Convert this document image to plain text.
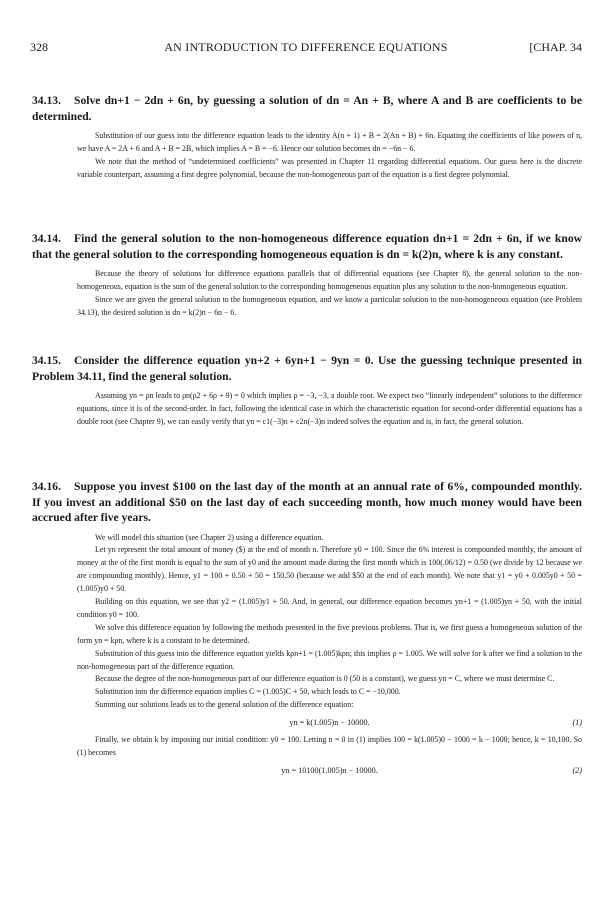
328	AN INTRODUCTION TO DIFFERENCE EQUATIONS	[CHAP. 34

34.13. Solve dn+1 − 2dn + 6n, by guessing a solution of dn = An + B, where A and B are coefficients to be determined.

Substitution of our guess into the difference equation leads to the identity A(n + 1) + B = 2(An + B) + 6n. Equating the coefficients of like powers of n, we have A = 2A + 6 and A + B = 2B, which implies A = B = −6. Hence our solution becomes dn = −6n − 6.

We note that the method of “undetermined coefficients” was presented in Chapter 11 regarding differential equations. Our guess here is the discrete variable counterpart, assuming a first degree polynomial, because the non-homogeneous part of the equation is a first degree polynomial.

34.14. Find the general solution to the non-homogeneous difference equation dn+1 = 2dn + 6n, if we know that the general solution to the corresponding homogeneous equation is dn = k(2)n, where k is any constant.

Because the theory of solutions for difference equations parallels that of differential equations (see Chapter 8), the general solution to the non-homogeneous, equation is the sum of the general solution to the corresponding homogeneous equation plus any solution to the non-homogeneous equation.

Since we are given the general solution to the homogeneous equation, and we know a particular solution to the non-homogeneous equation (see Problem 34.13), the desired solution is dn = k(2)n − 6n − 6.

34.15. Consider the difference equation yn+2 + 6yn+1 − 9yn = 0. Use the guessing technique presented in Problem 34.11, find the general solution.

Assuming yn = ρn leads to ρn(ρ2 + 6ρ + 9) = 0 which implies ρ = −3, −3, a double root. We expect two “linearly independent” solutions to the difference equations, since it is of the second-order. In fact, following the identical case in which the characteristic equation for second-order differential equations has a double root (see Chapter 9), we can easily verify that yn = c1(−3)n + c2n(−3)n indeed solves the equation and is, in fact, the general solution.

34.16. Suppose you invest $100 on the last day of the month at an annual rate of 6%, compounded monthly. If you invest an additional $50 on the last day of each succeeding month, how much money would have been accrued after five years.

We will model this situation (see Chapter 2) using a difference equation.

Let yn represent the total amount of money ($) at the end of month n. Therefore y0 = 100. Since the 6% interest is compounded monthly, the amount of money at the of the first month is equal to the sum of y0 and the amount made during the first month which is 100(.06/12) = 0.50 (we divide by 12 because we are compounding monthly). Hence, y1 = 100 + 0.50 + 50 = 150.50 (because we add $50 at the end of each month). We note that y1 = y0 + 0.005y0 + 50 = (1.005)y0 + 50.

Building on this equation, we see that y2 = (1.005)y1 + 50. And, in general, our difference equation becomes yn+1 = (1.005)yn + 50, with the initial condition y0 = 100.

We solve this difference equation by following the methods presented in the five previous problems. That is, we first guess a homogeneous solution of the form yn = kρn, where k is a constant to be determined.

Substitution of this guess into the difference equation yields kρn+1 = (1.005)kρn; this implies ρ = 1.005. We will solve for k after we find a solution to the non-homogeneous part of the difference equation.

Because the degree of the non-homogeneous part of our difference equation is 0 (50 is a constant), we guess yn = C, where we must determine C.

Substitution into the difference equation implies C = (1.005)C + 50, which leads to C = −10,000.

Summing our solutions leads us to the general solution of the difference equation:

yn = k(1.005)n − 10000.	(1)

Finally, we obtain k by imposing our initial condition: y0 = 100. Letting n = 0 in (1) implies 100 = k(1.005)0 − 1000 = k − 1000; hence, k = 10,100. So (1) becomes

yn = 10100(1.005)n − 10000.	(2)
